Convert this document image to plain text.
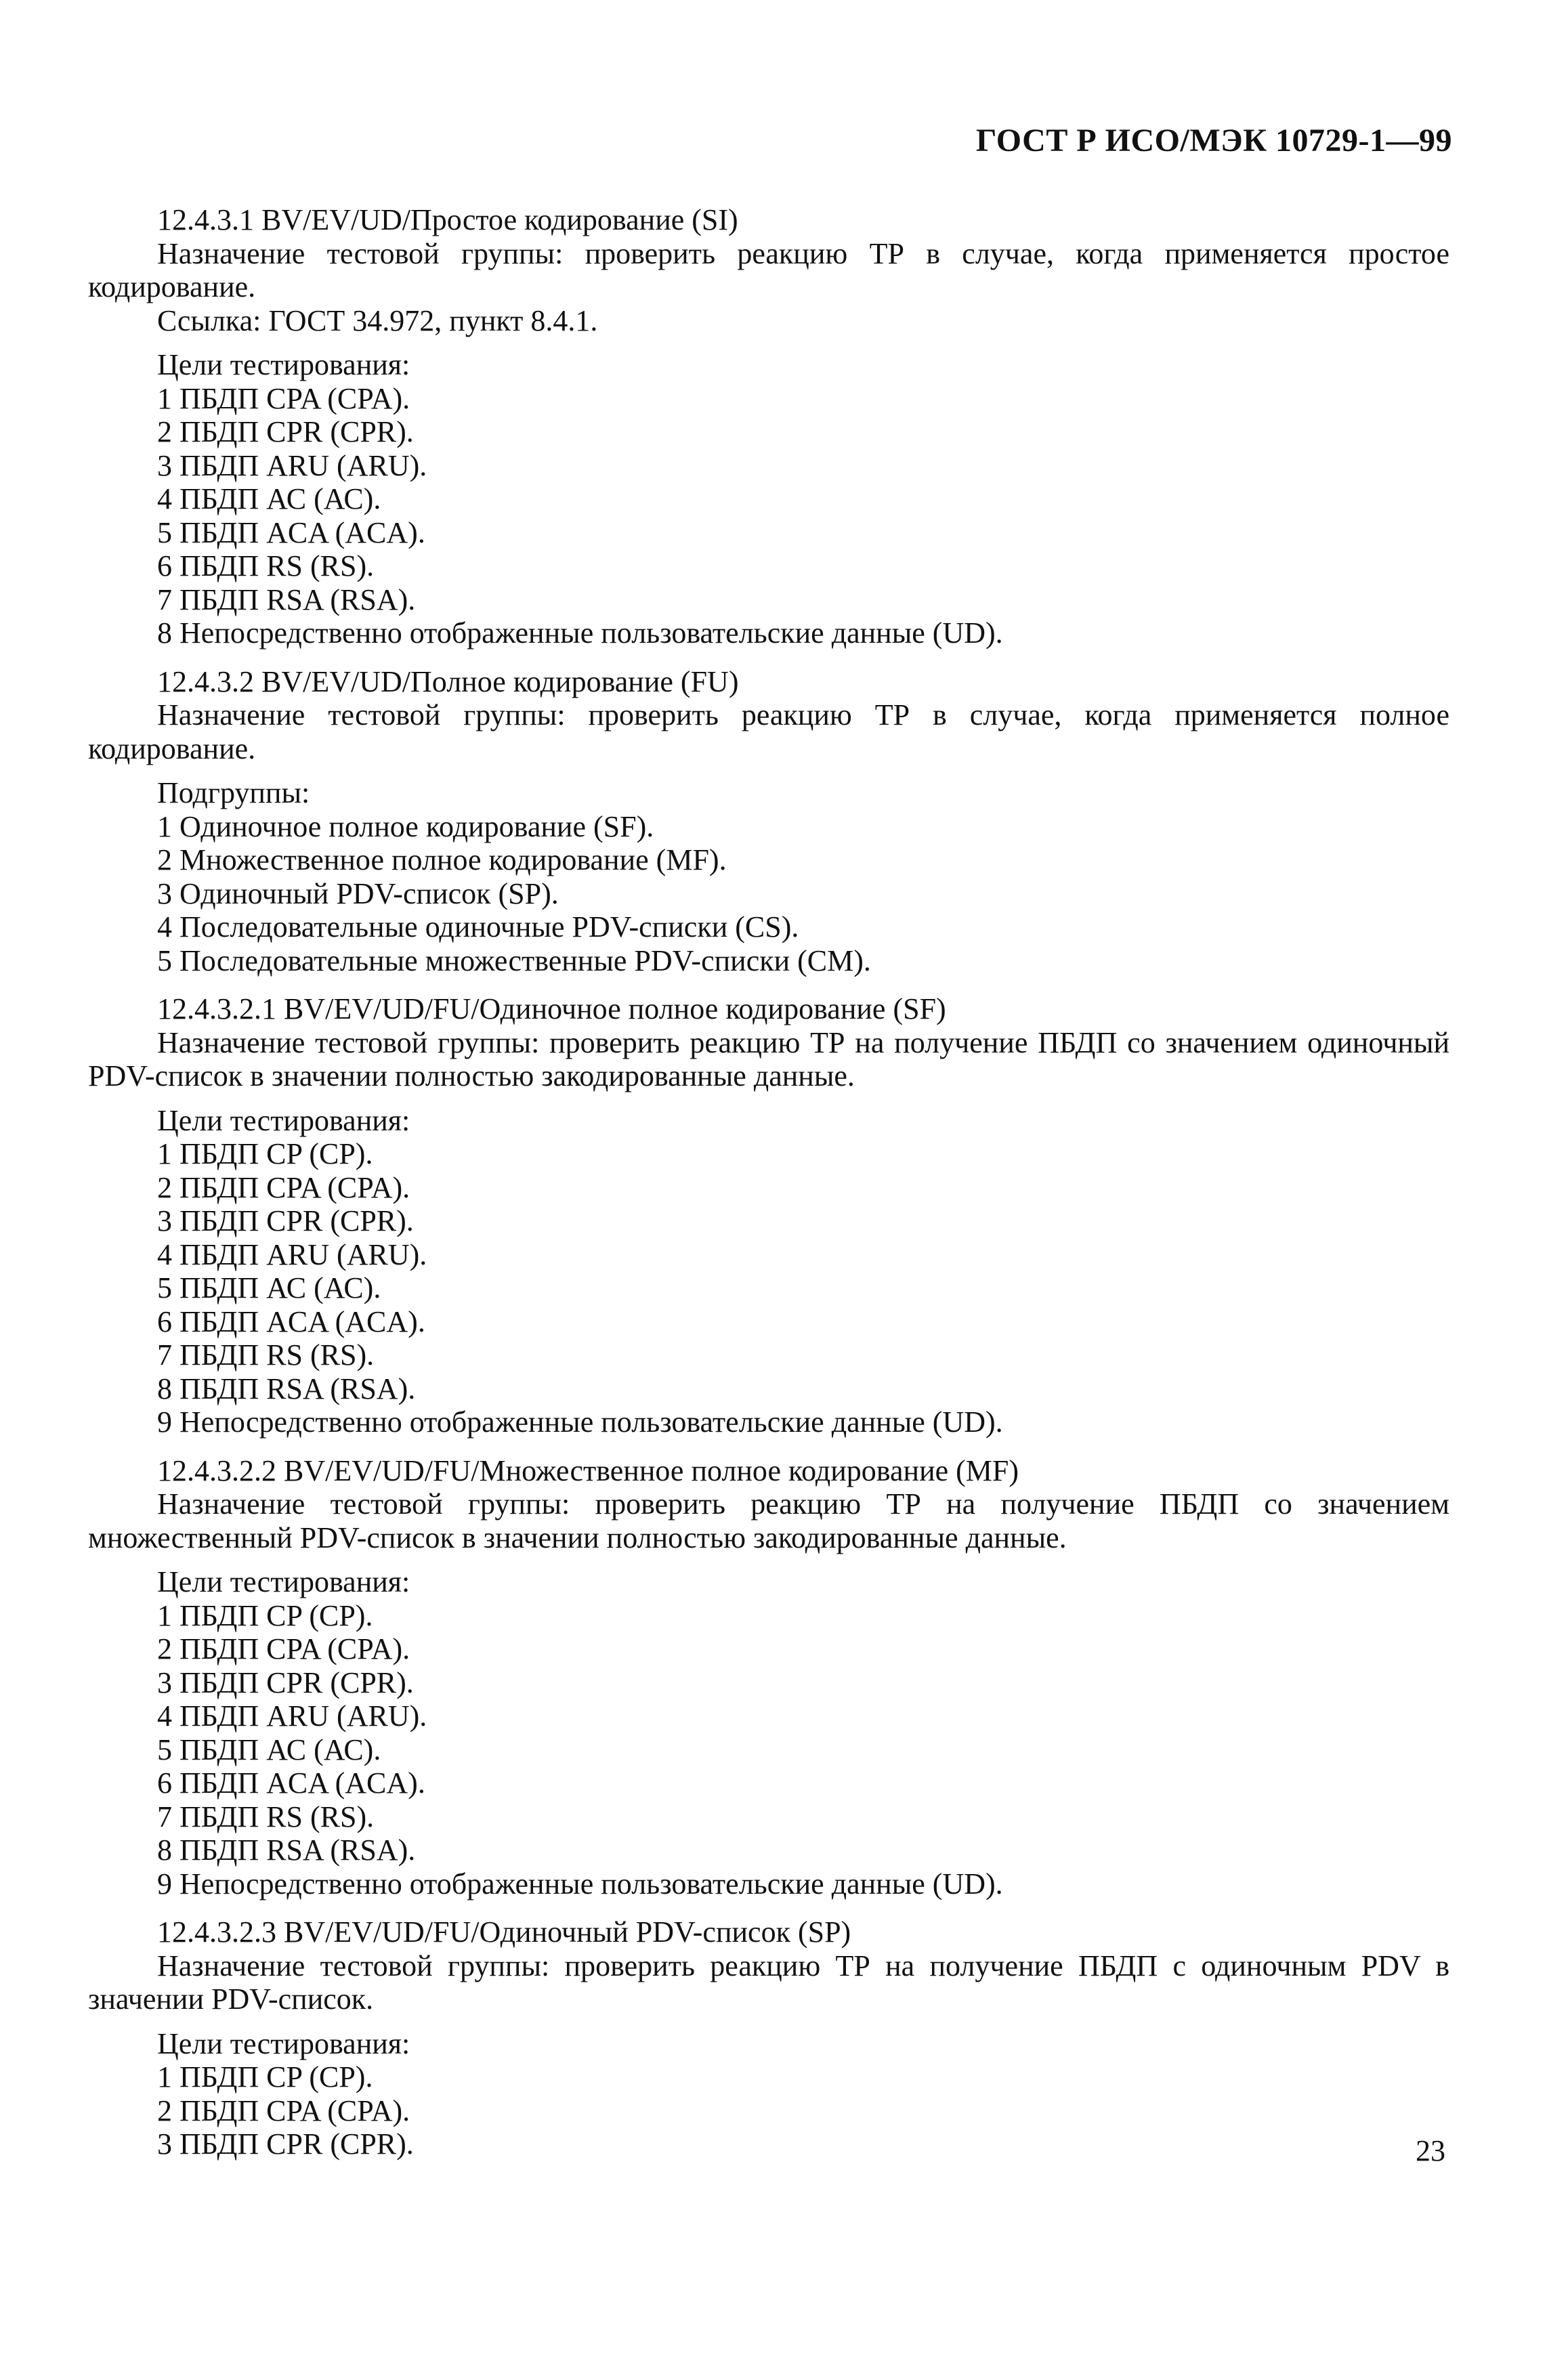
ГОСТ Р ИСО/МЭК 10729-1—99
12.4.3.1 BV/EV/UD/Простое кодирование (SI)
Назначение тестовой группы: проверить реакцию ТР в случае, когда применяется простое кодирование.
Ссылка: ГОСТ 34.972, пункт 8.4.1.
Цели тестирования:
1 ПБДП CPA (CPA).
2 ПБДП CPR (CPR).
3 ПБДП ARU (ARU).
4 ПБДП АС (АС).
5 ПБДП ACA (ACA).
6 ПБДП RS (RS).
7 ПБДП RSA (RSA).
8 Непосредственно отображенные пользовательские данные (UD).
12.4.3.2 BV/EV/UD/Полное кодирование (FU)
Назначение тестовой группы: проверить реакцию ТР в случае, когда применяется полное кодирование.
Подгруппы:
1 Одиночное полное кодирование (SF).
2 Множественное полное кодирование (MF).
3 Одиночный PDV-список (SP).
4 Последовательные одиночные PDV-списки (CS).
5 Последовательные множественные PDV-списки (CM).
12.4.3.2.1 BV/EV/UD/FU/Одиночное полное кодирование (SF)
Назначение тестовой группы: проверить реакцию ТР на получение ПБДП со значением одиночный PDV-список в значении полностью закодированные данные.
Цели тестирования:
1 ПБДП CP (CP).
2 ПБДП CPA (CPA).
3 ПБДП CPR (CPR).
4 ПБДП ARU (ARU).
5 ПБДП АС (АС).
6 ПБДП ACA (ACA).
7 ПБДП RS (RS).
8 ПБДП RSA (RSA).
9 Непосредственно отображенные пользовательские данные (UD).
12.4.3.2.2 BV/EV/UD/FU/Множественное полное кодирование (MF)
Назначение тестовой группы: проверить реакцию ТР на получение ПБДП со значением множественный PDV-список в значении полностью закодированные данные.
Цели тестирования:
1 ПБДП CP (CP).
2 ПБДП CPA (CPA).
3 ПБДП CPR (CPR).
4 ПБДП ARU (ARU).
5 ПБДП АС (АС).
6 ПБДП ACA (ACA).
7 ПБДП RS (RS).
8 ПБДП RSA (RSA).
9 Непосредственно отображенные пользовательские данные (UD).
12.4.3.2.3 BV/EV/UD/FU/Одиночный PDV-список (SP)
Назначение тестовой группы: проверить реакцию ТР на получение ПБДП с одиночным PDV в значении PDV-список.
Цели тестирования:
1 ПБДП CP (CP).
2 ПБДП CPA (CPA).
3 ПБДП CPR (CPR).	23
